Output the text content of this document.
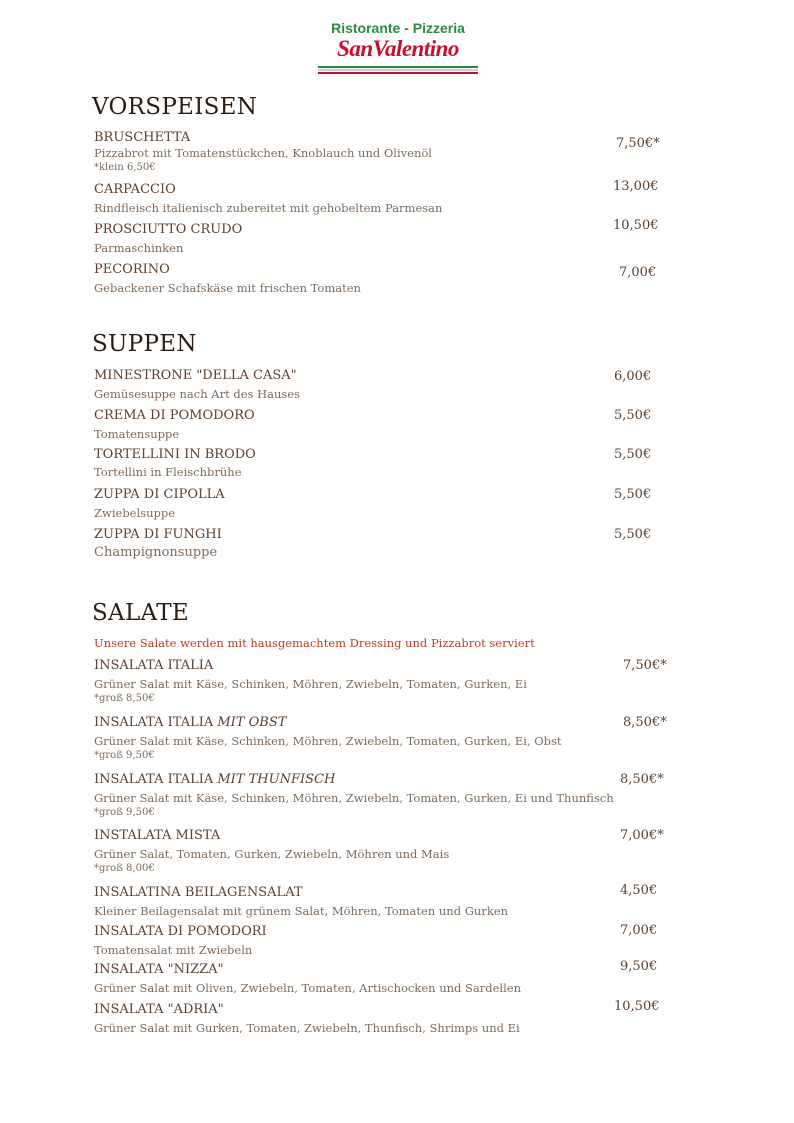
Ristorante - Pizzeria
SanValentino
VORSPEISEN
BRUSCHETTA
Pizzabrot mit Tomatenstückchen, Knoblauch und Olivenöl
*klein 6,50€
7,50€*
CARPACCIO
Rindfleisch italienisch zubereitet mit gehobeltem Parmesan
13,00€
PROSCIUTTO CRUDO
Parmaschinken
10,50€
PECORINO
Gebackener Schafskäse mit frischen Tomaten
7,00€
SUPPEN
MINESTRONE "DELLA CASA"
Gemüsesuppe nach Art des Hauses
6,00€
CREMA DI POMODORO
Tomatensuppe
5,50€
TORTELLINI IN BRODO
Tortellini in Fleischbrühe
5,50€
ZUPPA DI CIPOLLA
Zwiebelsuppe
5,50€
ZUPPA DI FUNGHI
Champignonsuppe
5,50€
SALATE
Unsere Salate werden mit hausgemachtem Dressing und Pizzabrot serviert
INSALATA ITALIA
Grüner Salat mit Käse, Schinken, Möhren, Zwiebeln, Tomaten, Gurken, Ei
*groß 8,50€
7,50€*
INSALATA ITALIA MIT OBST
Grüner Salat mit Käse, Schinken, Möhren, Zwiebeln, Tomaten, Gurken, Ei, Obst
*groß 9,50€
8,50€*
INSALATA ITALIA MIT THUNFISCH
Grüner Salat mit Käse, Schinken, Möhren, Zwiebeln, Tomaten, Gurken, Ei und Thunfisch
*groß 9,50€
8,50€*
INSTALATA MISTA
Grüner Salat, Tomaten, Gurken, Zwiebeln, Möhren und Mais
*groß 8,00€
7,00€*
INSALATINA BEILAGENSALAT
Kleiner Beilagensalat mit grünem Salat, Möhren, Tomaten und Gurken
4,50€
INSALATA DI POMODORI
Tomatensalat mit Zwiebeln
7,00€
INSALATA "NIZZA"
Grüner Salat mit Oliven, Zwiebeln, Tomaten, Artischocken und Sardellen
9,50€
INSALATA "ADRIA"
Grüner Salat mit Gurken, Tomaten, Zwiebeln, Thunfisch, Shrimps und Ei
10,50€
